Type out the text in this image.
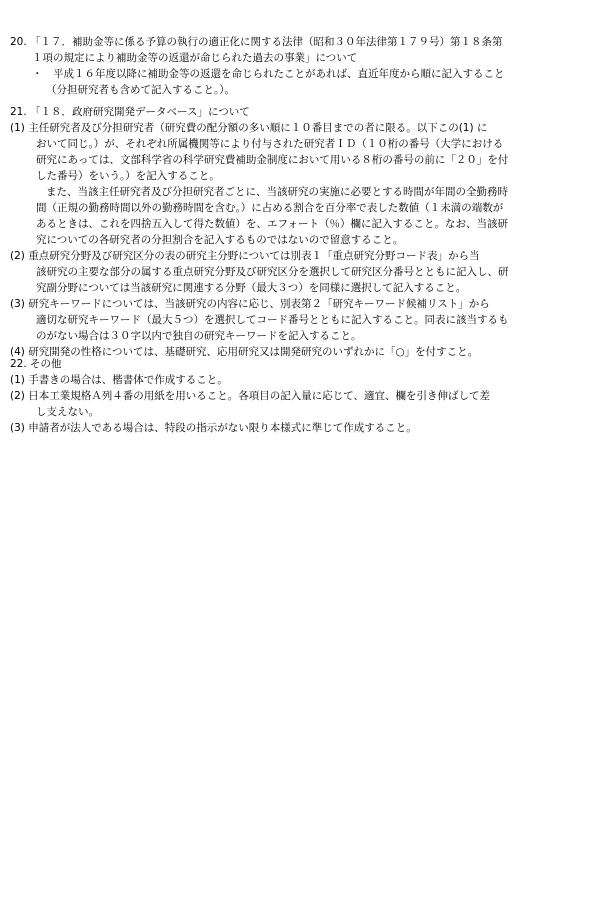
20. 「１７．補助金等に係る予算の執行の適正化に関する法律（昭和３０年法律第１７９号）第１８条第
１項の規定により補助金等の返還が命じられた過去の事業」について
・　平成１６年度以降に補助金等の返還を命じられたことがあれば、直近年度から順に記入すること
（分担研究者も含めて記入すること。）。
21. 「１８．政府研究開発データベース」について
(1) 主任研究者及び分担研究者（研究費の配分額の多い順に１０番目までの者に限る。以下この(1) に
おいて同じ。）が、それぞれ所属機関等により付与された研究者ＩＤ（１０桁の番号（大学における
研究にあっては、文部科学省の科学研究費補助金制度において用いる８桁の番号の前に「２０」を付
した番号）をいう。）を記入すること。
また、当該主任研究者及び分担研究者ごとに、当該研究の実施に必要とする時間が年間の全勤務時
間（正規の勤務時間以外の勤務時間を含む。）に占める割合を百分率で表した数値（１未満の端数が
あるときは、これを四捨五入して得た数値）を、エフォート（％）欄に記入すること。なお、当該研
究についての各研究者の分担割合を記入するものではないので留意すること。
(2) 重点研究分野及び研究区分の表の研究主分野については別表１「重点研究分野コード表」から当
該研究の主要な部分の属する重点研究分野及び研究区分を選択して研究区分番号とともに記入し、研
究副分野については当該研究に関連する分野（最大３つ）を同様に選択して記入すること。
(3) 研究キーワードについては、当該研究の内容に応じ、別表第２「研究キーワード候補リスト」から
適切な研究キーワード（最大５つ）を選択してコード番号とともに記入すること。同表に該当するも
のがない場合は３０字以内で独自の研究キーワードを記入すること。
(4) 研究開発の性格については、基礎研究、応用研究又は開発研究のいずれかに「○」を付すこと。
22. その他
(1) 手書きの場合は、楷書体で作成すること。
(2) 日本工業規格Ａ列４番の用紙を用いること。各項目の記入量に応じて、適宜、欄を引き伸ばして差
し支えない。
(3) 申請者が法人である場合は、特段の指示がない限り本様式に準じて作成すること。
